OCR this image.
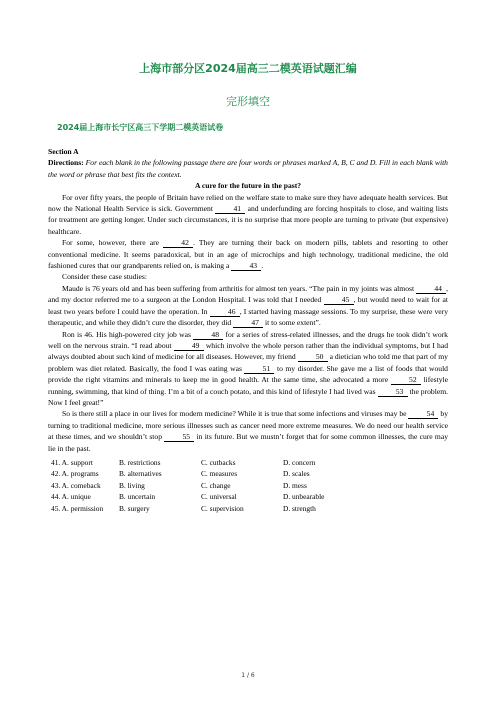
上海市部分区2024届高三二模英语试题汇编
完形填空
2024届上海市长宁区高三下学期二模英语试卷

Section A

Directions: For each blank in the following passage there are four words or phrases marked A, B, C and D. Fill in each blank with the word or phrase that best fits the context.

A cure for the future in the past?

For over fifty years, the people of Britain have relied on the welfare state to make sure they have adequate health services. But now the National Health Service is sick. Government	41 and underfunding are forcing hospitals to close, and waiting lists for treatment are getting longer. Under such circumstances, it is no surprise that more people are turning to private (but expensive) healthcare.

For some, however, there are	42 . They are turning their back on modern pills, tablets and resorting to other conventional medicine. It seems paradoxical, but in an age of microchips and high technology, traditional medicine, the old fashioned cures that our grandparents relied on, is making a	43 .

Consider these case studies:

Maude is 76 years old and has been suffering from arthritis for almost ten years. “The pain in my joints was almost	44 , and my doctor referred me to a surgeon at the London Hospital. I was told that I needed	45 , but would need to wait for at least two years before I could have the operation. In	46 , I started having massage sessions. To my surprise, these were very therapeutic, and while they didn’t cure the disorder, they did	47 it to some extent”.

Ron is 46. His high-powered city job was	48 for a series of stress-related illnesses, and the drugs he took didn’t work well on the nervous strain. “I read about	49 which involve the whole person rather than the individual symptoms, but I had always doubted about such kind of medicine for all diseases. However, my friend	50 a dietician who told me that part of my problem was diet related. Basically, the food I was eating was	51 to my disorder. She gave me a list of foods that would provide the right vitamins and minerals to keep me in good health. At the same time, she advocated a more	52 lifestyle running, swimming, that kind of thing. I’m a bit of a couch potato, and this kind of lifestyle I had lived was	53 the problem. Now I feel great!”

So is there still a place in our lives for modern medicine? While it is true that some infections and viruses may be	54 by turning to traditional medicine, more serious illnesses such as cancer need more extreme measures. We do need our health service at these times, and we shouldn’t stop	55 in its future. But we mustn’t forget that for some common illnesses, the cure may lie in the past.

41. A. support	B. restrictions	C. cutbacks	D. concern
42. A. programs	B. alternatives	C. measures	D. scales
43. A. comeback	B. living	C. change	D. mess
44. A. unique	B. uncertain	C. universal	D. unbearable
45. A. permission	B. surgery	C. supervision	D. strength
1 / 6
